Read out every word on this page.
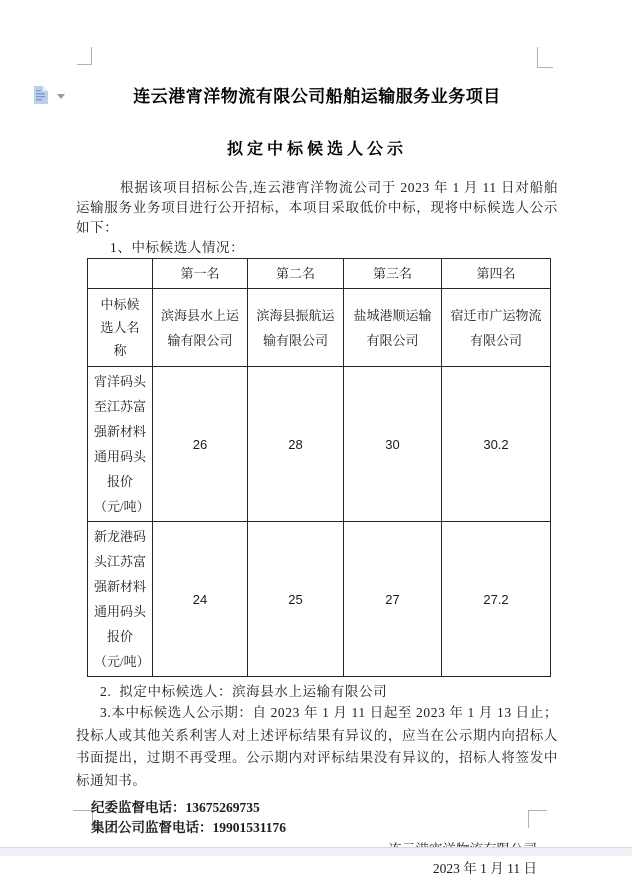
连云港宵洋物流有限公司船舶运输服务业务项目
拟定中标候选人公示

根据该项目招标公告,连云港宵洋物流公司于 2023 年 1 月 11 日对船舶运输服务业务项目进行公开招标，本项目采取低价中标，现将中标候选人公示如下：

1、中标候选人情况：

	第一名	第二名	第三名	第四名
中标候选人名称	滨海县水上运输有限公司	滨海县振航运输有限公司	盐城港顺运输有限公司	宿迁市广运物流有限公司
宵洋码头至江苏富强新材料通用码头报价（元/吨）	26	28	30	30.2
新龙港码头江苏富强新材料通用码头报价（元/吨）	24	25	27	27.2

2.  拟定中标候选人：滨海县水上运输有限公司

3.本中标候选人公示期：自 2023 年 1 月 11 日起至 2023 年 1 月 13 日止；投标人或其他关系利害人对上述评标结果有异议的，应当在公示期内向招标人书面提出，过期不再受理。公示期内对评标结果没有异议的，招标人将签发中标通知书。

纪委监督电话：13675269735
集团公司监督电话：19901531176
2023 年 1 月 11 日
